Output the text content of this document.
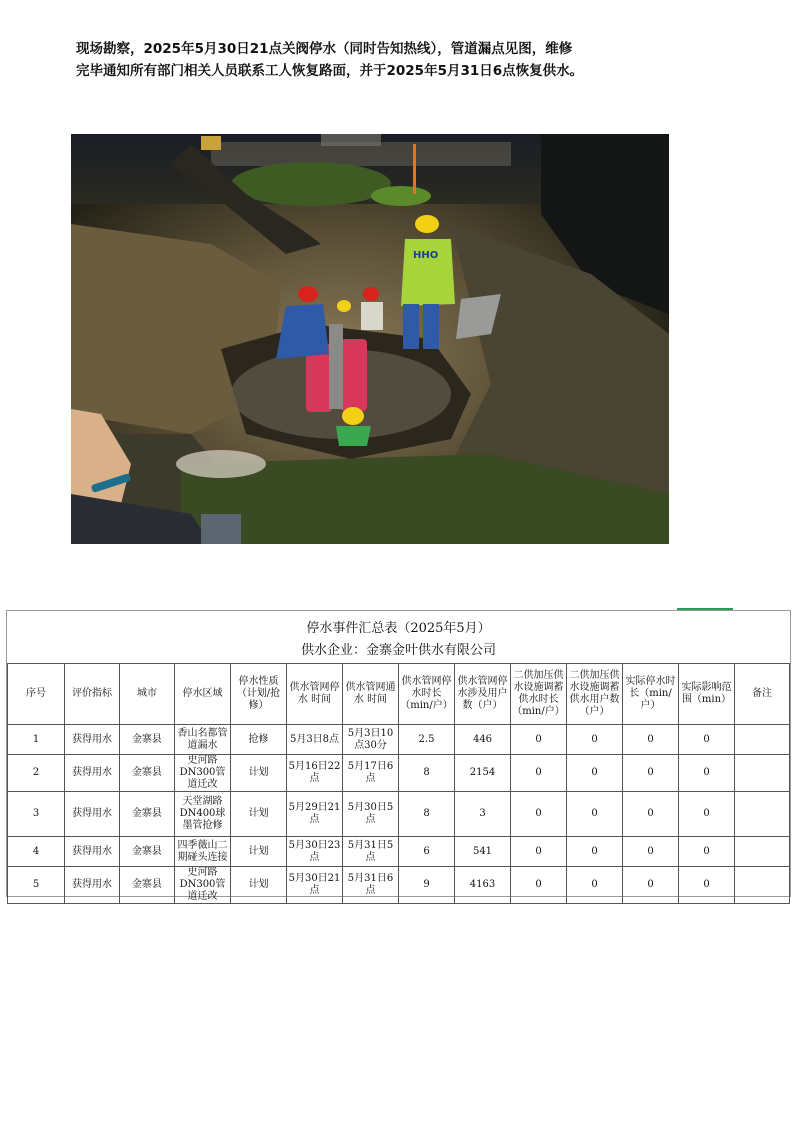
现场勘察，2025年5月30日21点关阀停水（同时告知热线），管道漏点见图，维修
完毕通知所有部门相关人员联系工人恢复路面，并于2025年5月31日6点恢复供水。
HHO
停水事件汇总表（2025年5月）
供水企业：金寨金叶供水有限公司
序号	评价指标	城市	停水区域	停水性质（计划/抢修）	供水管网停水 时间	供水管网通水 时间	供水管网停水时长（min/户）	供水管网停水涉及用户数（户）	二供加压供水设施调蓄供水时长（min/户）	二供加压供水设施调蓄供水用户数（户）	实际停水时长（min/户）	实际影响范围（min）	备注
1	获得用水	金寨县	香山名都管道漏水	抢修	5月3日8点	5月3日10点30分	2.5	446	0	0	0	0	
2	获得用水	金寨县	史河路DN300管道迁改	计划	5月16日22点	5月17日6点	8	2154	0	0	0	0	
3	获得用水	金寨县	天堂湖路DN400球墨管抢修	计划	5月29日21点	5月30日5点	8	3	0	0	0	0	
4	获得用水	金寨县	四季薇山二期碰头连接	计划	5月30日23点	5月31日5点	6	541	0	0	0	0	
5	获得用水	金寨县	史河路DN300管道迁改	计划	5月30日21点	5月31日6点	9	4163	0	0	0	0	
